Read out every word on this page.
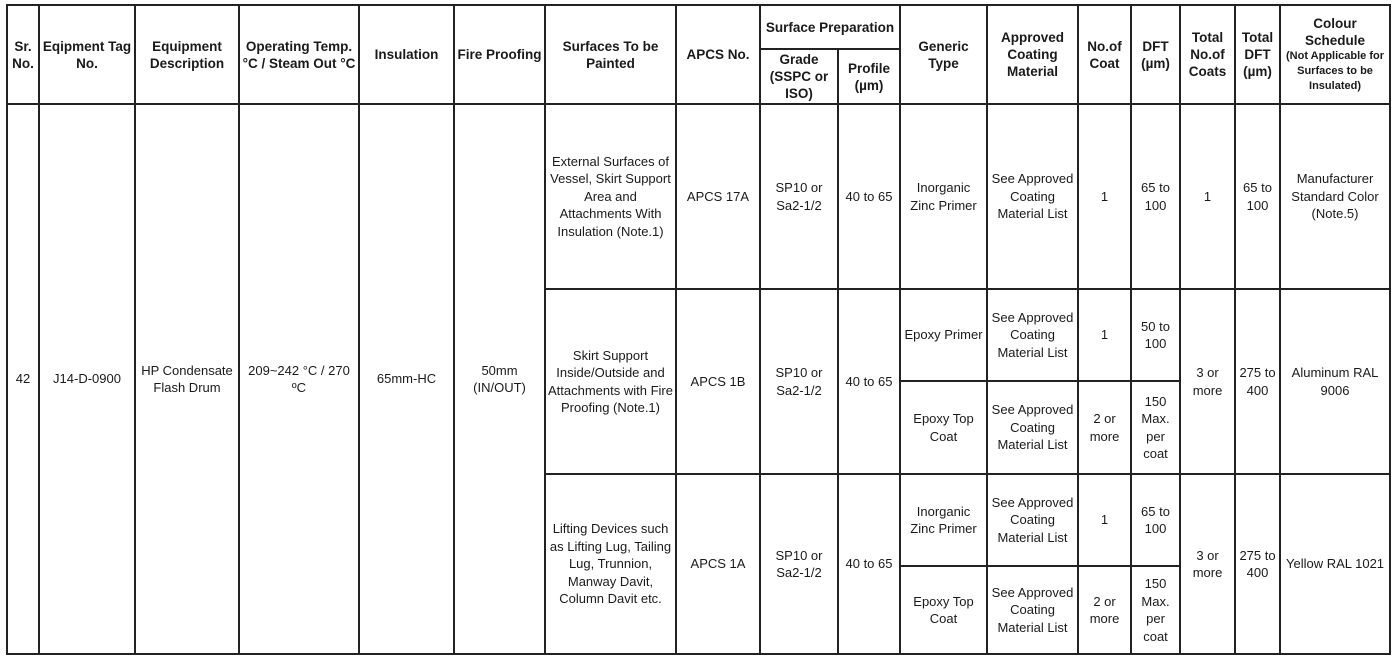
Sr. No.	Eqipment Tag No.	Equipment Description	Operating Temp.°C / Steam Out °C	Insulation	Fire Proofing	Surfaces To be Painted	APCS No.	Surface Preparation		Generic Type	Approved Coating Material	No.of Coat	DFT (µm)	Total No.of Coats	Total DFT (µm)	Colour Schedule
(Not Applicable for Surfaces to be Insulated)

								Grade (SSPC or ISO)	Profile (µm)							
42	J14-D-0900	HP Condensate Flash Drum	209~242 °C / 270 ºC	65mm-HC	50mm (IN/OUT)	External Surfaces of Vessel, Skirt Support Area and Attachments With Insulation (Note.1)	APCS 17A	SP10 or Sa2-1/2	40 to 65	Inorganic Zinc Primer	See Approved Coating Material List	1	65 to 100	1	65 to 100	Manufacturer Standard Color (Note.5)
						Skirt Support Inside/Outside and Attachments with Fire Proofing (Note.1)	APCS 1B	SP10 or Sa2-1/2	40 to 65	Epoxy Primer	See Approved Coating Material List	1	50 to 100	3 or more	275 to 400	Aluminum RAL 9006
										Epoxy Top Coat	See Approved Coating Material List	2 or more	150 Max. per coat			
						Lifting Devices such as Lifting Lug, Tailing Lug, Trunnion, Manway Davit, Column Davit etc.	APCS 1A	SP10 or Sa2-1/2	40 to 65	Inorganic Zinc Primer	See Approved Coating Material List	1	65 to 100	3 or more	275 to 400	Yellow RAL 1021
										Epoxy Top Coat	See Approved Coating Material List	2 or more	150 Max. per coat			
